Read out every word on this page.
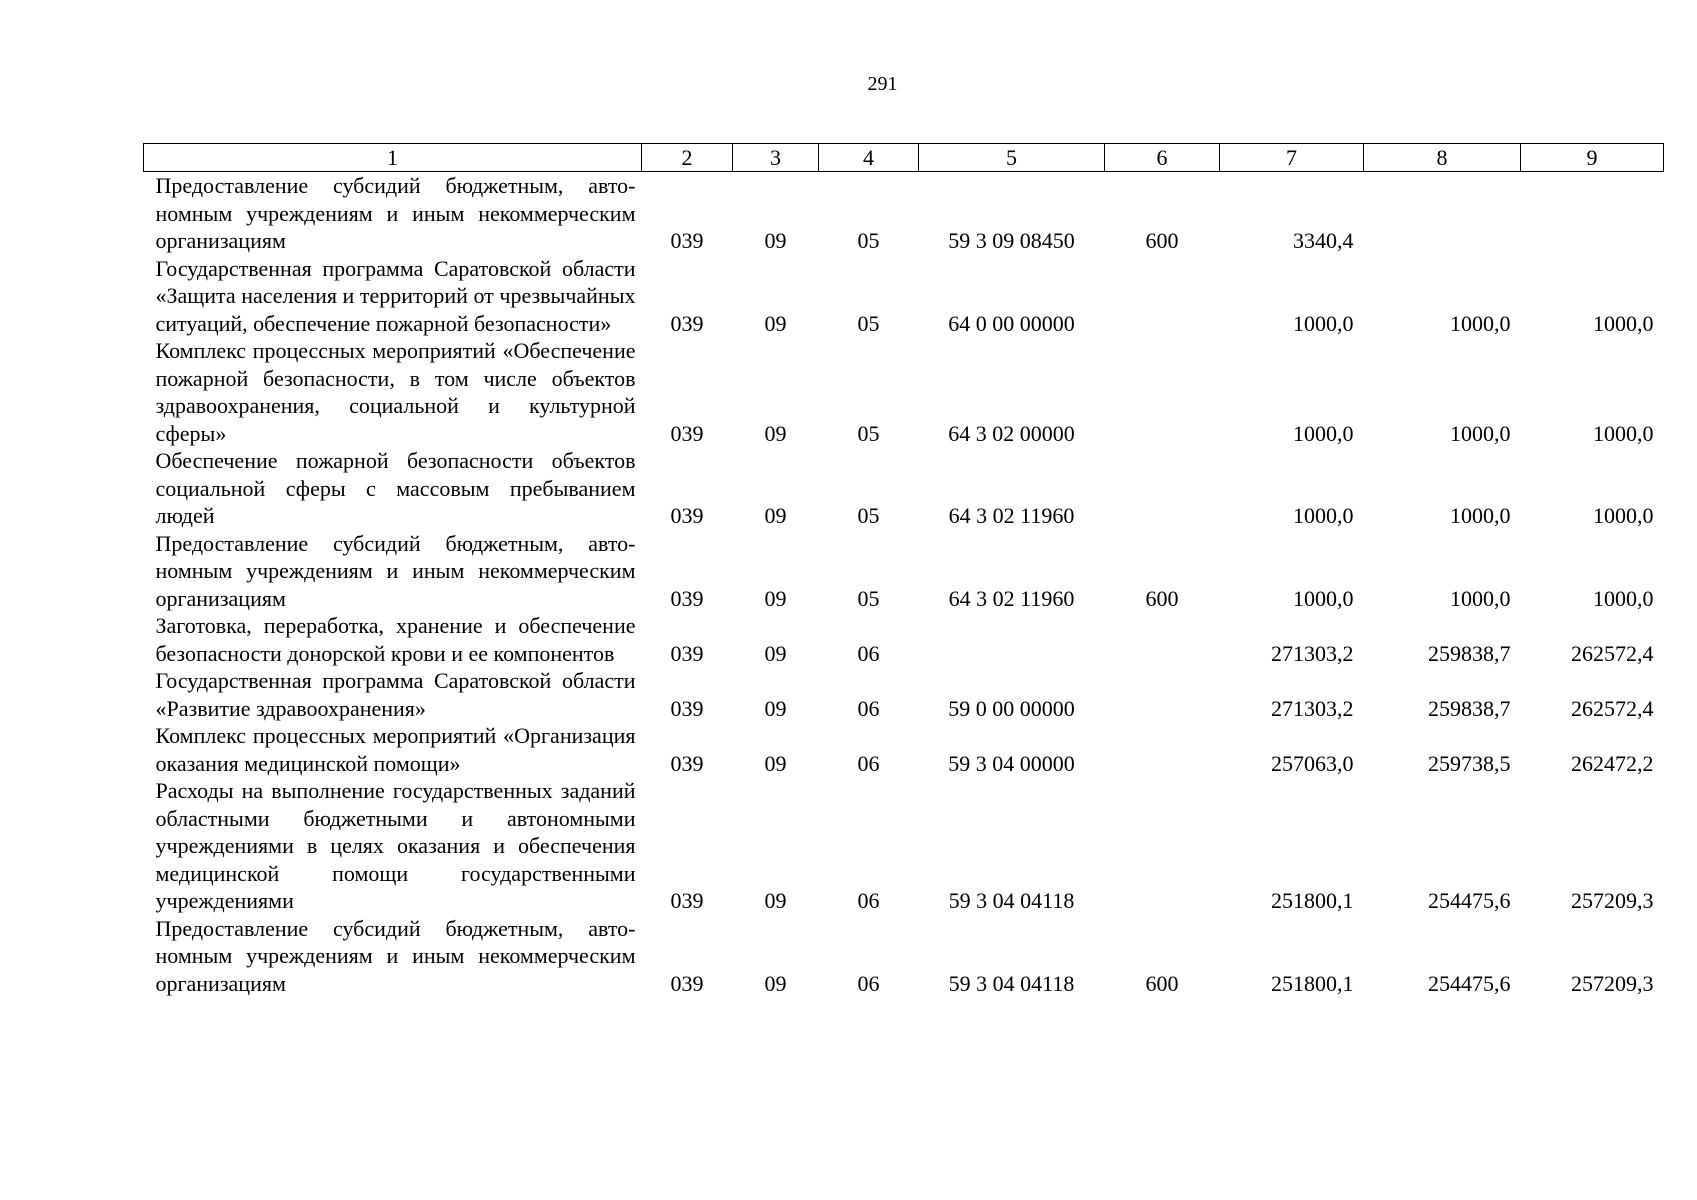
291
1	2	3	4	5	6	7	8	9
Предоставление субсидий бюджетным, автономным учреждениям и иным некоммерческим организациям	039	09	05	59 3 09 08450	600	3340,4		
Государственная программа Саратовской области «Защита населения и территорий от чрезвычайных ситуаций, обеспечение пожарной безопасности»	039	09	05	64 0 00 00000		1000,0	1000,0	1000,0
Комплекс процессных мероприятий «Обеспечение пожарной безопасности, в том числе объектов здравоохранения, социальной и культурной сферы»	039	09	05	64 3 02 00000		1000,0	1000,0	1000,0
Обеспечение пожарной безопасности объектов социальной сферы с массовым пребыванием людей	039	09	05	64 3 02 11960		1000,0	1000,0	1000,0
Предоставление субсидий бюджетным, автономным учреждениям и иным некоммерческим организациям	039	09	05	64 3 02 11960	600	1000,0	1000,0	1000,0
Заготовка, переработка, хранение и обеспечение безопасности донорской крови и ее компонентов	039	09	06			271303,2	259838,7	262572,4
Государственная программа Саратовской области «Развитие здравоохранения»	039	09	06	59 0 00 00000		271303,2	259838,7	262572,4
Комплекс процессных мероприятий «Организация оказания медицинской помощи»	039	09	06	59 3 04 00000		257063,0	259738,5	262472,2
Расходы на выполнение государственных заданий областными бюджетными и автономными учреждениями в целях оказания и обеспечения медицинской помощи государственными учреждениями	039	09	06	59 3 04 04118		251800,1	254475,6	257209,3
Предоставление субсидий бюджетным, автономным учреждениям и иным некоммерческим организациям	039	09	06	59 3 04 04118	600	251800,1	254475,6	257209,3
